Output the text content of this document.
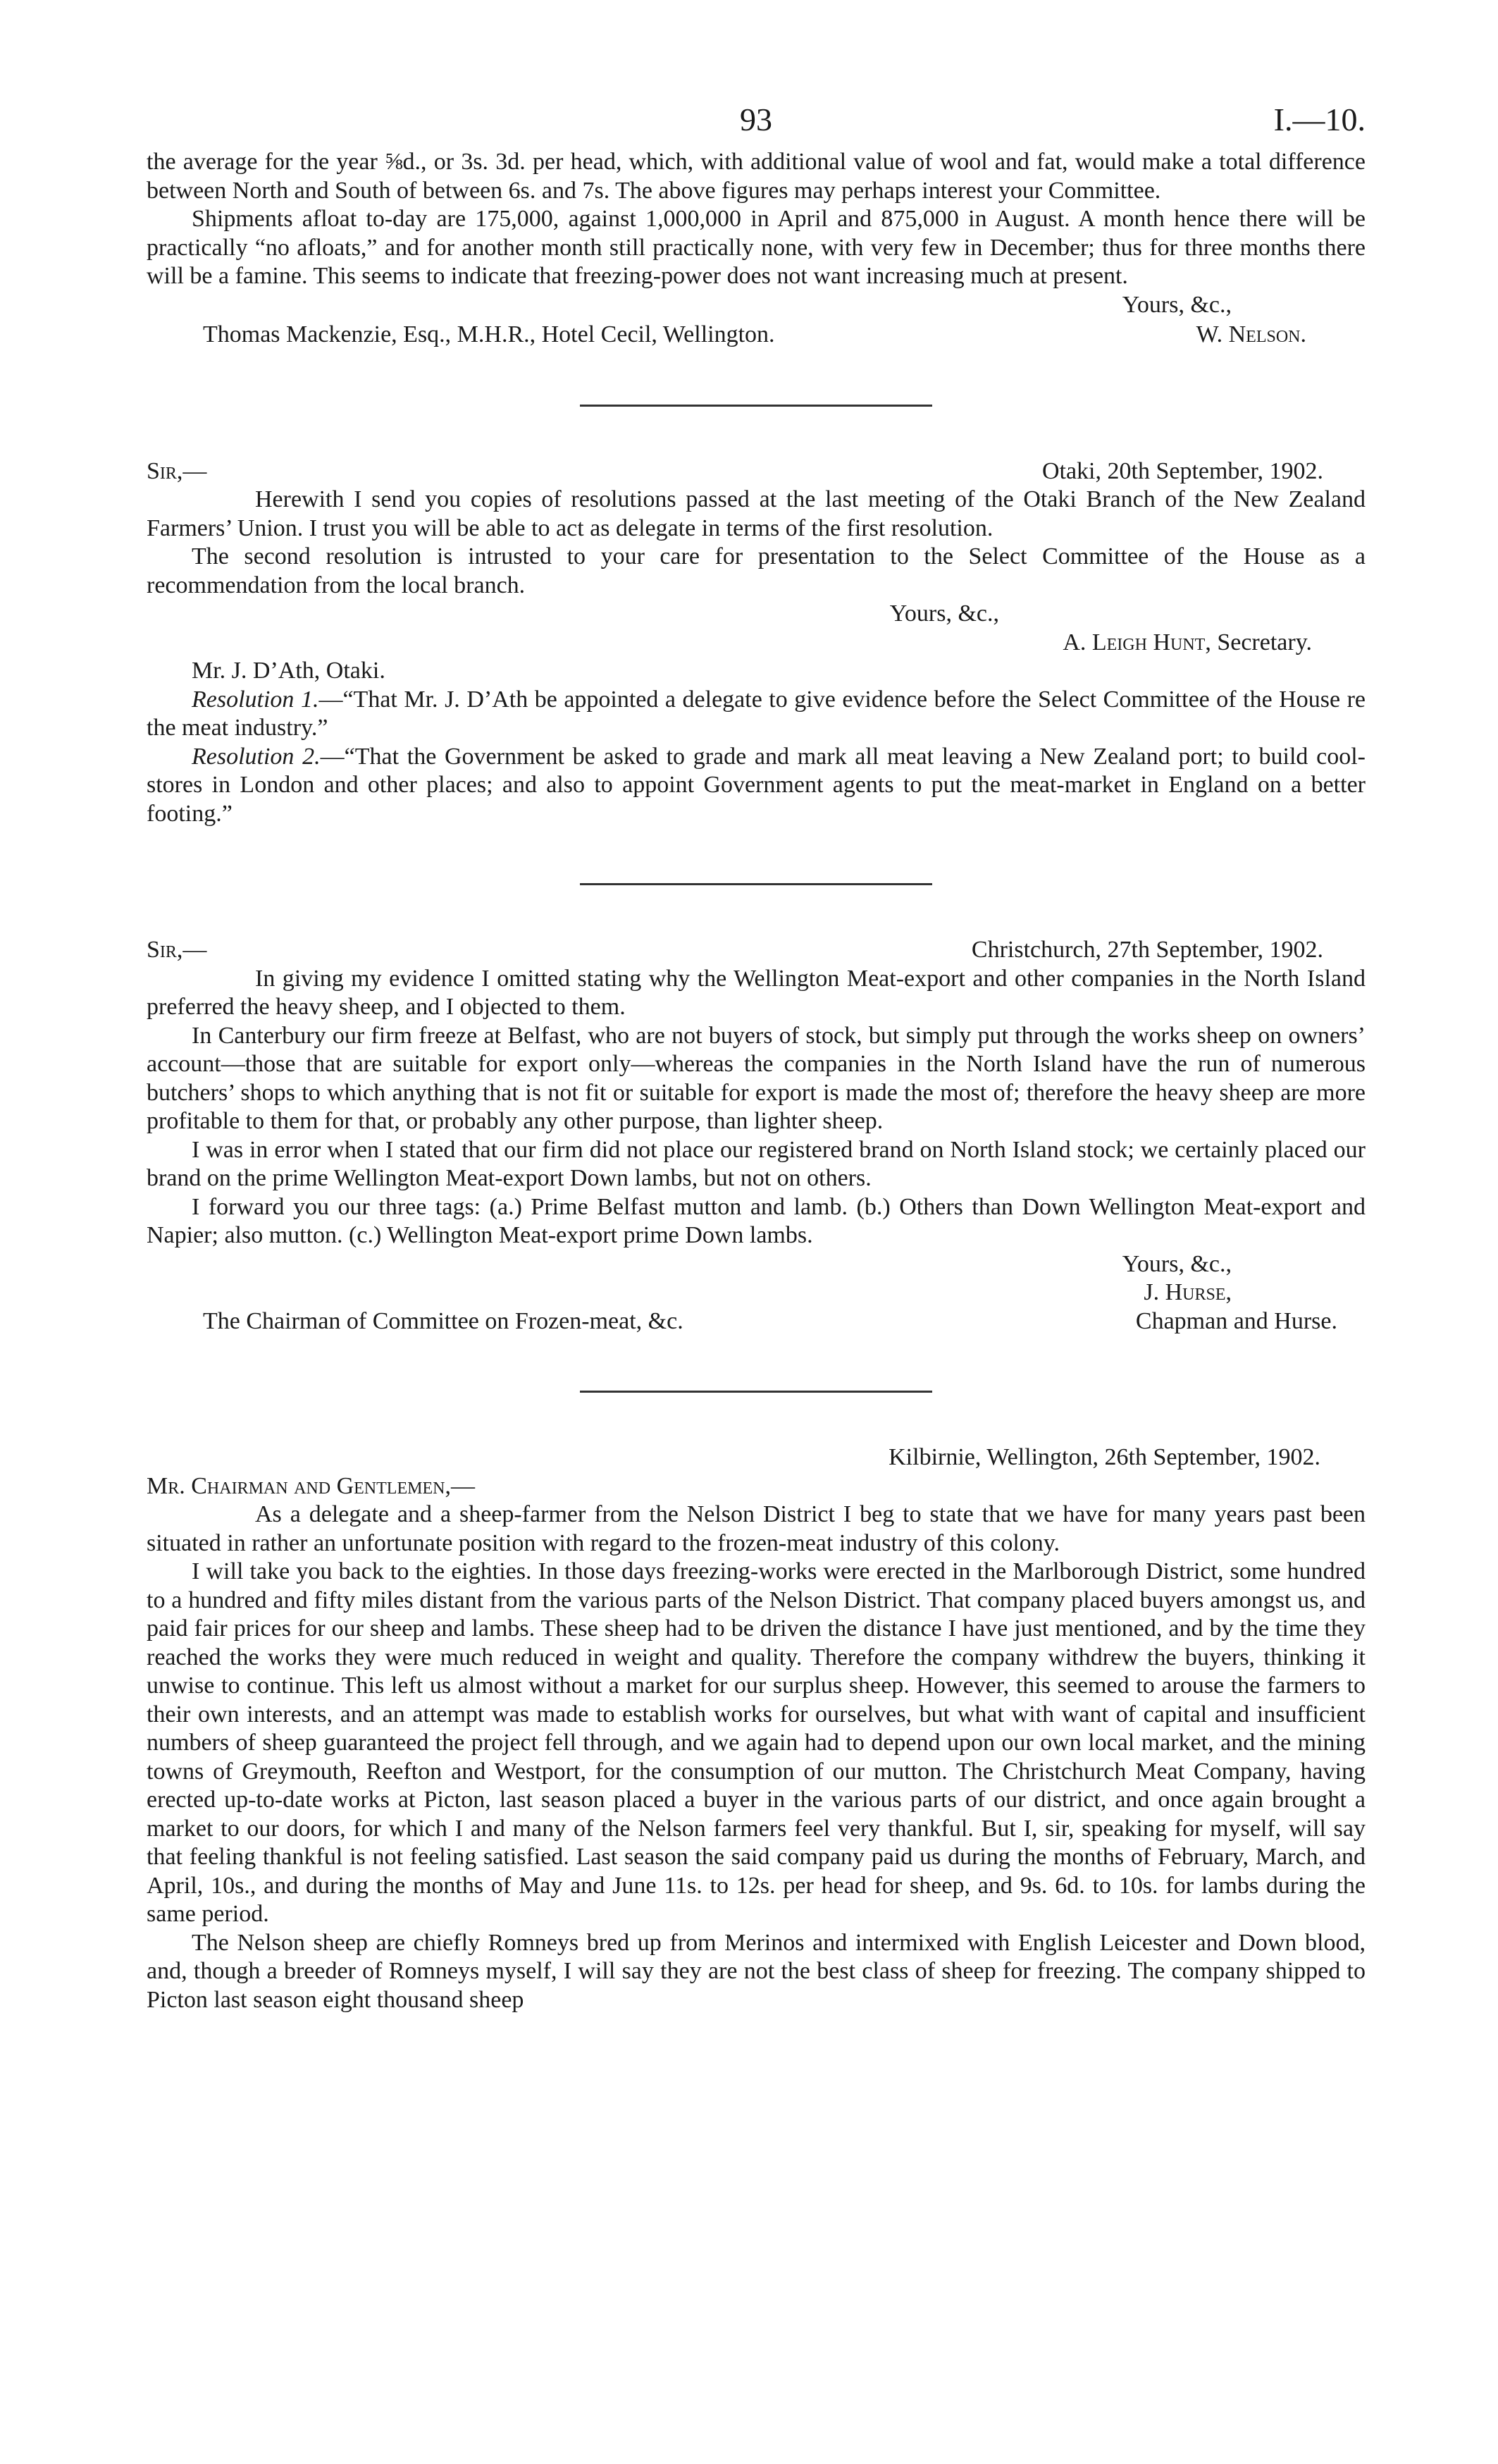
93	I.—10.

the average for the year ⅝d., or 3s. 3d. per head, which, with additional value of wool and fat, would make a total difference between North and South of between 6s. and 7s. The above figures may perhaps interest your Committee.

Shipments afloat to-day are 175,000, against 1,000,000 in April and 875,000 in August. A month hence there will be practically “no afloats,” and for another month still practically none, with very few in December; thus for three months there will be a famine. This seems to indicate that freezing-power does not want increasing much at present.

Yours, &c.,
Thomas Mackenzie, Esq., M.H.R., Hotel Cecil, Wellington.	W. Nelson.
Sir,—	Otaki, 20th September, 1902.

Herewith I send you copies of resolutions passed at the last meeting of the Otaki Branch of the New Zealand Farmers’ Union. I trust you will be able to act as delegate in terms of the first resolution.

The second resolution is intrusted to your care for presentation to the Select Committee of the House as a recommendation from the local branch.

Yours, &c.,
A. Leigh Hunt, Secretary.
Mr. J. D’Ath, Otaki.

Resolution 1.—“That Mr. J. D’Ath be appointed a delegate to give evidence before the Select Committee of the House re the meat industry.”

Resolution 2.—“That the Government be asked to grade and mark all meat leaving a New Zealand port; to build cool-stores in London and other places; and also to appoint Government agents to put the meat-market in England on a better footing.”

Sir,—	Christchurch, 27th September, 1902.

In giving my evidence I omitted stating why the Wellington Meat-export and other companies in the North Island preferred the heavy sheep, and I objected to them.

In Canterbury our firm freeze at Belfast, who are not buyers of stock, but simply put through the works sheep on owners’ account—those that are suitable for export only—whereas the companies in the North Island have the run of numerous butchers’ shops to which anything that is not fit or suitable for export is made the most of; therefore the heavy sheep are more profitable to them for that, or probably any other purpose, than lighter sheep.

I was in error when I stated that our firm did not place our registered brand on North Island stock; we certainly placed our brand on the prime Wellington Meat-export Down lambs, but not on others.

I forward you our three tags: (a.) Prime Belfast mutton and lamb. (b.) Others than Down Wellington Meat-export and Napier; also mutton. (c.) Wellington Meat-export prime Down lambs.

Yours, &c.,
J. Hurse,
The Chairman of Committee on Frozen-meat, &c.	Chapman and Hurse.
Kilbirnie, Wellington, 26th September, 1902.
Mr. Chairman and Gentlemen,—

As a delegate and a sheep-farmer from the Nelson District I beg to state that we have for many years past been situated in rather an unfortunate position with regard to the frozen-meat industry of this colony.

I will take you back to the eighties. In those days freezing-works were erected in the Marlborough District, some hundred to a hundred and fifty miles distant from the various parts of the Nelson District. That company placed buyers amongst us, and paid fair prices for our sheep and lambs. These sheep had to be driven the distance I have just mentioned, and by the time they reached the works they were much reduced in weight and quality. Therefore the company withdrew the buyers, thinking it unwise to continue. This left us almost without a market for our surplus sheep. However, this seemed to arouse the farmers to their own interests, and an attempt was made to establish works for ourselves, but what with want of capital and insufficient numbers of sheep guaranteed the project fell through, and we again had to depend upon our own local market, and the mining towns of Greymouth, Reefton and Westport, for the consumption of our mutton. The Christchurch Meat Company, having erected up-to-date works at Picton, last season placed a buyer in the various parts of our district, and once again brought a market to our doors, for which I and many of the Nelson farmers feel very thankful. But I, sir, speaking for myself, will say that feeling thankful is not feeling satisfied. Last season the said company paid us during the months of February, March, and April, 10s., and during the months of May and June 11s. to 12s. per head for sheep, and 9s. 6d. to 10s. for lambs during the same period.

The Nelson sheep are chiefly Romneys bred up from Merinos and intermixed with English Leicester and Down blood, and, though a breeder of Romneys myself, I will say they are not the best class of sheep for freezing. The company shipped to Picton last season eight thousand sheep
